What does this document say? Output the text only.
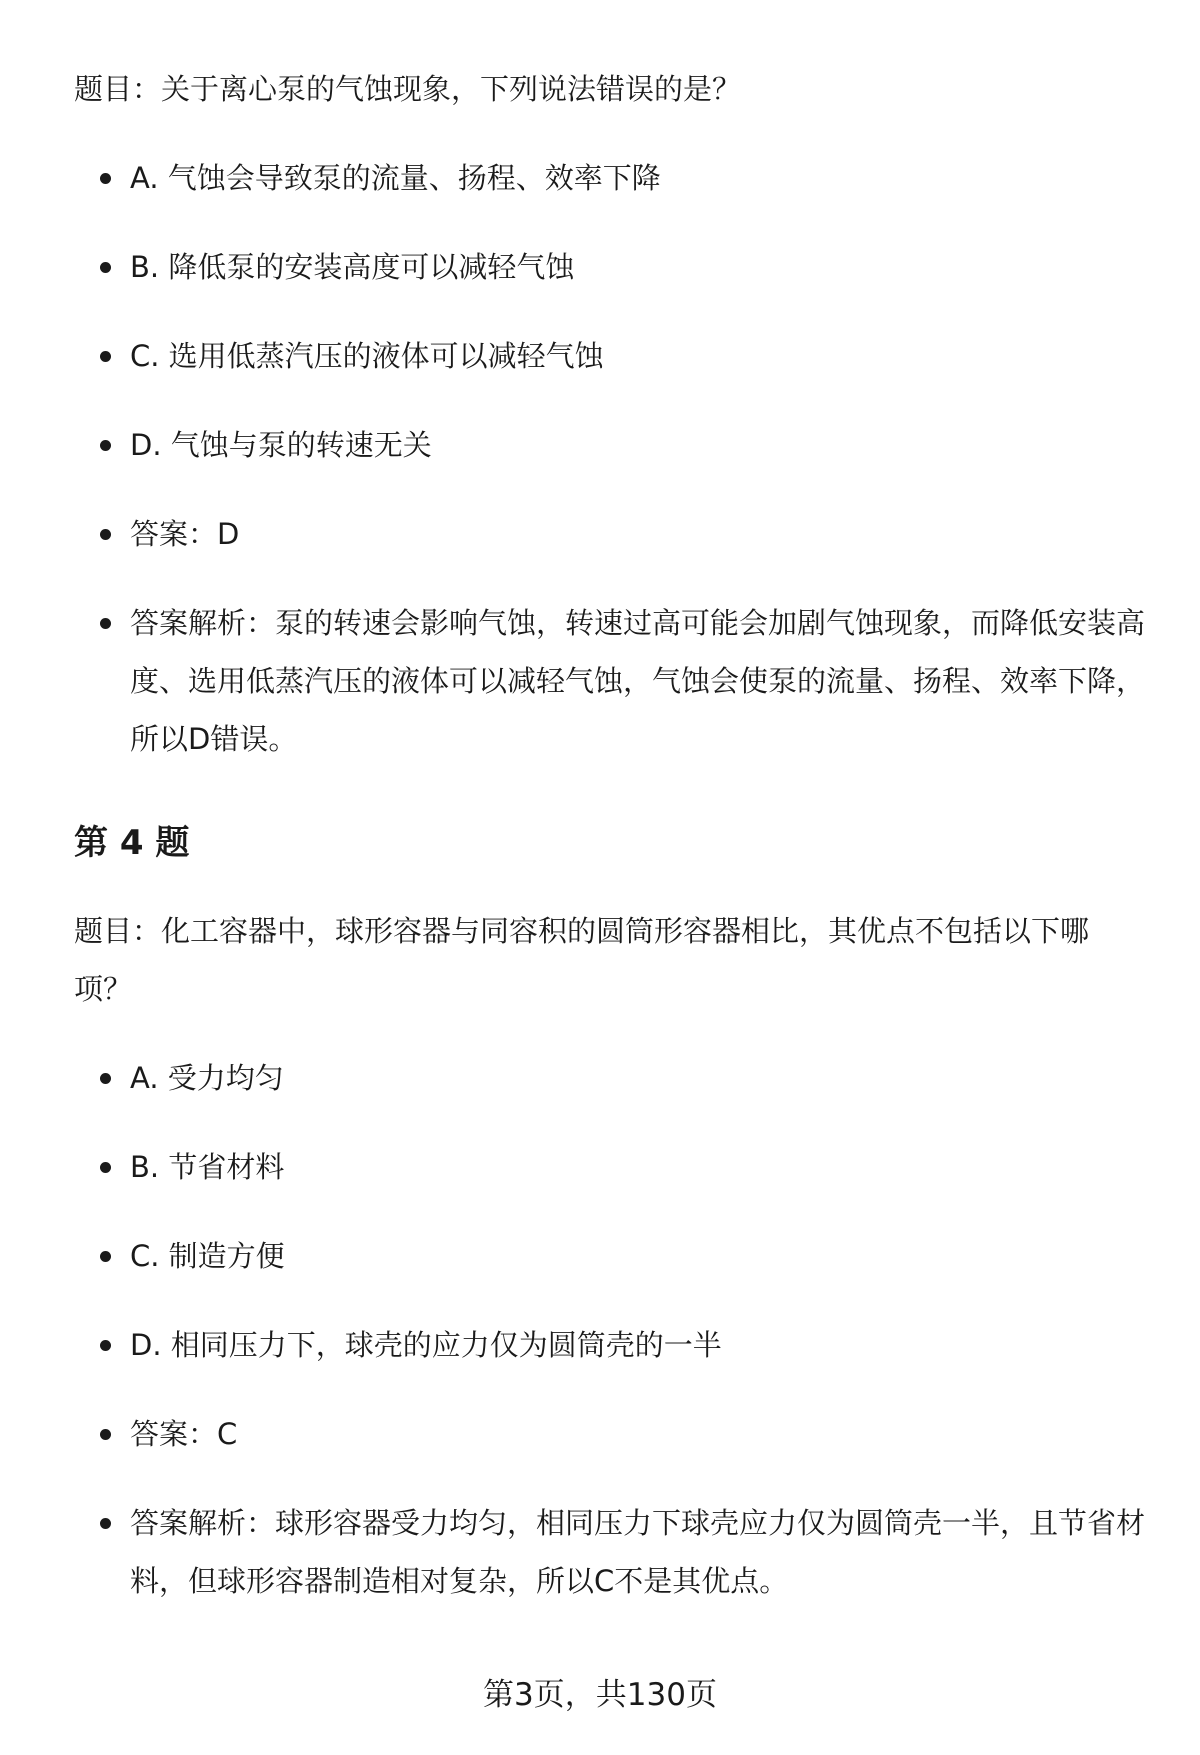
题目：关于离心泵的气蚀现象，下列说法错误的是？

A. 气蚀会导致泵的流量、扬程、效率下降
B. 降低泵的安装高度可以减轻气蚀
C. 选用低蒸汽压的液体可以减轻气蚀
D. 气蚀与泵的转速无关
答案：D
答案解析：泵的转速会影响气蚀，转速过高可能会加剧气蚀现象，而降低安装高度、选用低蒸汽压的液体可以减轻气蚀，气蚀会使泵的流量、扬程、效率下降，所以D错误。
第 4 题

题目：化工容器中，球形容器与同容积的圆筒形容器相比，其优点不包括以下哪项？

A. 受力均匀
B. 节省材料
C. 制造方便
D. 相同压力下，球壳的应力仅为圆筒壳的一半
答案：C
答案解析：球形容器受力均匀，相同压力下球壳应力仅为圆筒壳一半，且节省材料，但球形容器制造相对复杂，所以C不是其优点。
第3页，共130页
